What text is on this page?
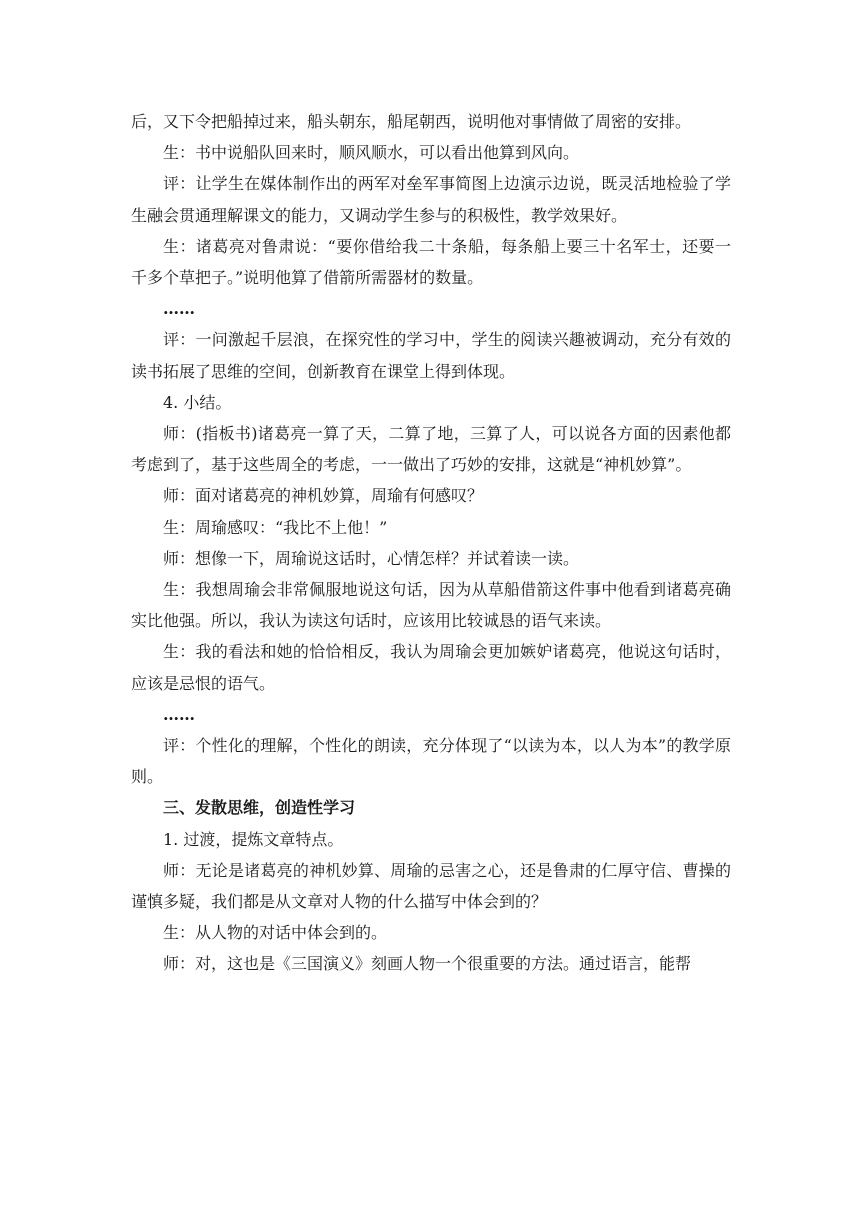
后，又下令把船掉过来，船头朝东，船尾朝西，说明他对事情做了周密的安排。

生：书中说船队回来时，顺风顺水，可以看出他算到风向。

评：让学生在媒体制作出的两军对垒军事简图上边演示边说，既灵活地检验了学生融会贯通理解课文的能力，又调动学生参与的积极性，教学效果好。

生：诸葛亮对鲁肃说：“要你借给我二十条船，每条船上要三十名军士，还要一千多个草把子。”说明他算了借箭所需器材的数量。

……

评：一问激起千层浪，在探究性的学习中，学生的阅读兴趣被调动，充分有效的读书拓展了思维的空间，创新教育在课堂上得到体现。

4. 小结。

师：(指板书)诸葛亮一算了天，二算了地，三算了人，可以说各方面的因素他都考虑到了，基于这些周全的考虑，一一做出了巧妙的安排，这就是“神机妙算”。

师：面对诸葛亮的神机妙算，周瑜有何感叹？

生：周瑜感叹：“我比不上他！”

师：想像一下，周瑜说这话时，心情怎样？并试着读一读。

生：我想周瑜会非常佩服地说这句话，因为从草船借箭这件事中他看到诸葛亮确实比他强。所以，我认为读这句话时，应该用比较诚恳的语气来读。

生：我的看法和她的恰恰相反，我认为周瑜会更加嫉妒诸葛亮，他说这句话时，应该是忌恨的语气。

……

评：个性化的理解，个性化的朗读，充分体现了“以读为本，以人为本”的教学原则。

三、发散思维，创造性学习

1. 过渡，提炼文章特点。

师：无论是诸葛亮的神机妙算、周瑜的忌害之心，还是鲁肃的仁厚守信、曹操的谨慎多疑，我们都是从文章对人物的什么描写中体会到的？

生：从人物的对话中体会到的。

师：对，这也是《三国演义》刻画人物一个很重要的方法。通过语言，能帮
